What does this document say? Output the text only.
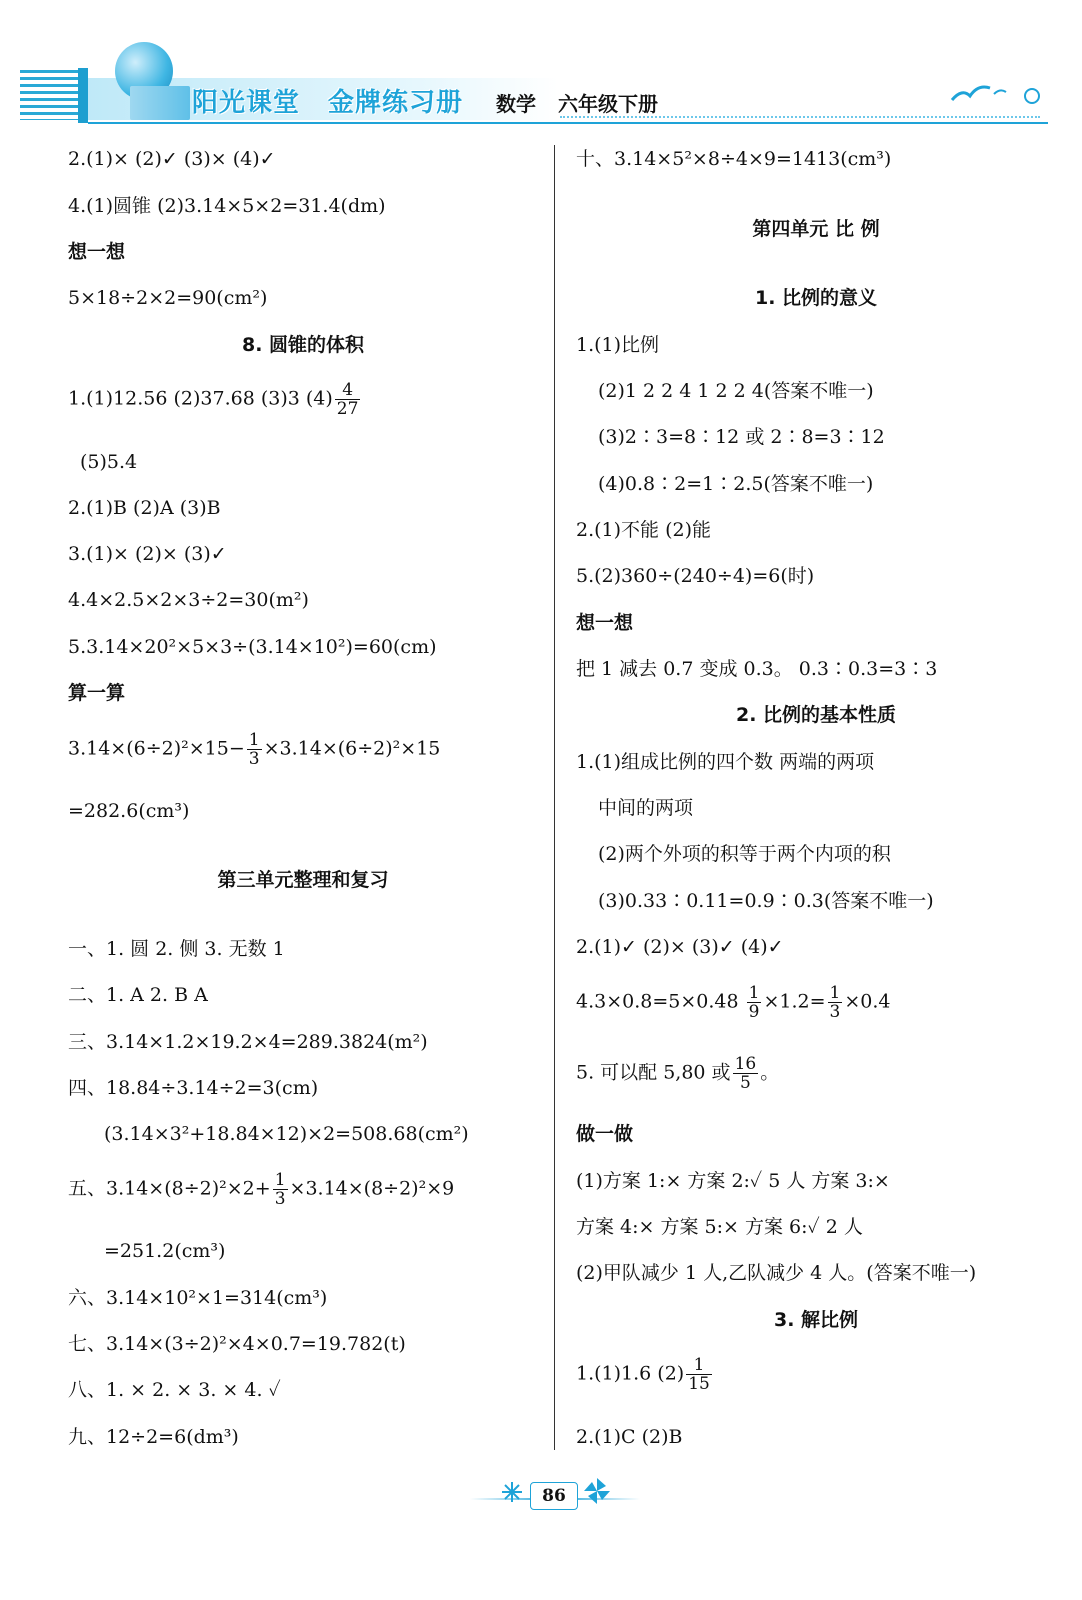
阳光课堂 金牌练习册	数学 六年级下册
2.(1)× (2)✓ (3)× (4)✓
4.(1)圆锥 (2)3.14×5×2=31.4(dm)
想一想
5×18÷2×2=90(cm²)
8. 圆锥的体积
1.(1)12.56 (2)37.68 (3)3 $(4) \frac{4}{27}$
(5)5.4
2.(1)B (2)A (3)B
3.(1)× (2)× (3)✓
4.4×2.5×2×3÷2=30(m²)
5.3.14×20²×5×3÷(3.14×10²)=60(cm)
算一算
$3.14\times(6\div 2)^2\times 15- \frac{1}{3} \times 3.14\times(6\div 2)^2\times 15$
=282.6(cm³)
第三单元整理和复习
一、1. 圆 2. 侧 3. 无数 1
二、1. A 2. B A
三、3.14×1.2×19.2×4=289.3824(m²)
四、18.84÷3.14÷2=3(cm)
(3.14×3²+18.84×12)×2=508.68(cm²)
五、$3.14\times(8\div 2)^2\times 2+ \frac{1}{3} \times 3.14\times(8\div 2)^2\times 9$
=251.2(cm³)
六、3.14×10²×1=314(cm³)
七、3.14×(3÷2)²×4×0.7=19.782(t)
八、1. × 2. × 3. × 4. ✓
九、12÷2=6(dm³)
十、3.14×5²×8÷4×9=1413(cm³)
第四单元 比 例
1. 比例的意义
1.(1)比例
(2)1 2 2 4 1 2 2 4(答案不唯一)
(3)2∶3=8∶12 或 2∶8=3∶12
(4)0.8∶2=1∶2.5(答案不唯一)
2.(1)不能 (2)能
5.(2)360÷(240÷4)=6(时)
想一想
把 1 减去 0.7 变成 0.3。 0.3∶0.3=3∶3
2. 比例的基本性质
1.(1)组成比例的四个数 两端的两项
中间的两项
(2)两个外项的积等于两个内项的积
(3)0.33∶0.11=0.9∶0.3(答案不唯一)
2.(1)✓ (2)× (3)✓ (4)✓
$4.3\times 0.8=5\times 0.48 \frac{1}{9} \times 1.2= \frac{1}{3} \times 0.4$
5. 可以配 5,80 或 $\frac{16}{5}$ 。
做一做
(1)方案 1:× 方案 2:✓ 5 人 方案 3:×
方案 4:× 方案 5:× 方案 6:✓ 2 人
(2)甲队减少 1 人,乙队减少 4 人。(答案不唯一)
3. 解比例
1.(1)1.6 $(2) \frac{1}{15}$
2.(1)C (2)B
86
